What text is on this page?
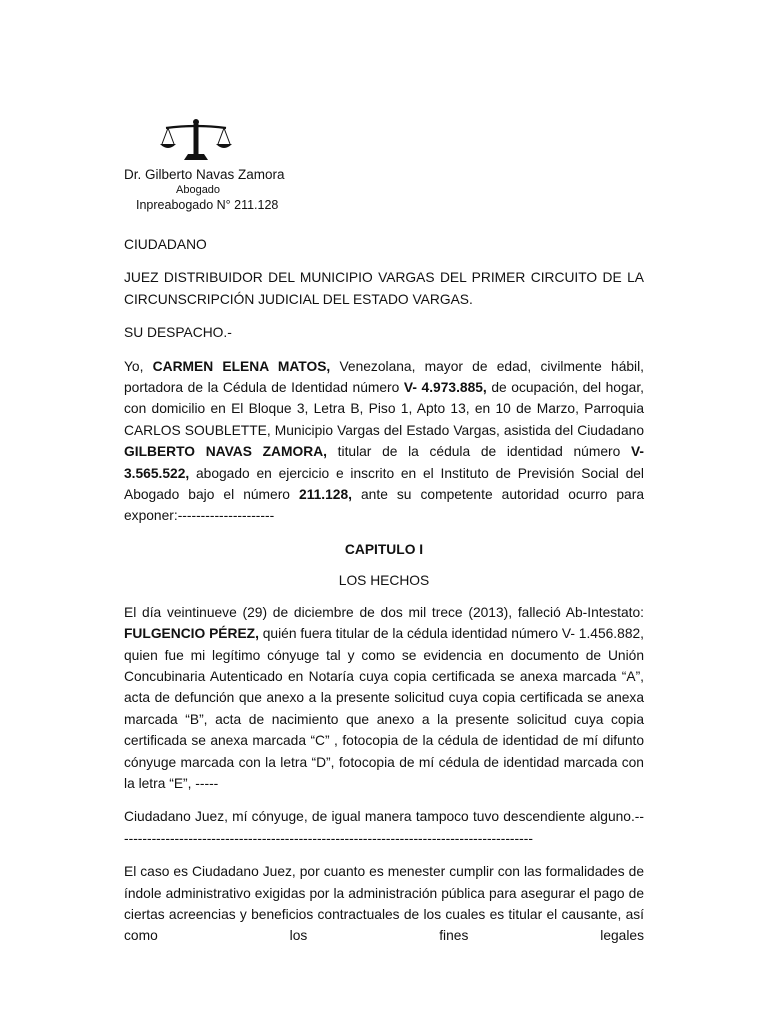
Dr. Gilberto Navas Zamora
Abogado
Inpreabogado N° 211.128

CIUDADANO

JUEZ DISTRIBUIDOR DEL MUNICIPIO VARGAS DEL PRIMER CIRCUITO DE LA CIRCUNSCRIPCIÓN JUDICIAL DEL ESTADO VARGAS.

SU DESPACHO.-

Yo, CARMEN ELENA MATOS, Venezolana, mayor de edad, civilmente hábil, portadora de la Cédula de Identidad número V- 4.973.885, de ocupación, del hogar, con domicilio en El Bloque 3, Letra B, Piso 1, Apto 13, en 10 de Marzo, Parroquia CARLOS SOUBLETTE, Municipio Vargas del Estado Vargas, asistida del Ciudadano GILBERTO NAVAS ZAMORA, titular de la cédula de identidad número V- 3.565.522, abogado en ejercicio e inscrito en el Instituto de Previsión Social del Abogado bajo el número 211.128, ante su competente autoridad ocurro para exponer:---------------------

CAPITULO I

LOS HECHOS

El día veintinueve (29) de diciembre de dos mil trece (2013), falleció Ab-Intestato: FULGENCIO PÉREZ, quién fuera titular de la cédula identidad número V- 1.456.882, quien fue mi legítimo cónyuge tal y como se evidencia en documento de Unión Concubinaria Autenticado en Notaría cuya copia certificada se anexa marcada “A”, acta de defunción que anexo a la presente solicitud cuya copia certificada se anexa marcada “B”, acta de nacimiento que anexo a la presente solicitud cuya copia certificada se anexa marcada “C” , fotocopia de la cédula de identidad de mí difunto cónyuge marcada con la letra “D”, fotocopia de mí cédula de identidad marcada con la letra “E”, -----

Ciudadano Juez, mí cónyuge, de igual manera tampoco tuvo descendiente alguno.-------------------------------------------------------------------------------------------

El caso es Ciudadano Juez, por cuanto es menester cumplir con las formalidades de índole administrativo exigidas por la administración pública para asegurar el pago de ciertas acreencias y beneficios contractuales de los cuales es titular el causante, así como los fines legales
